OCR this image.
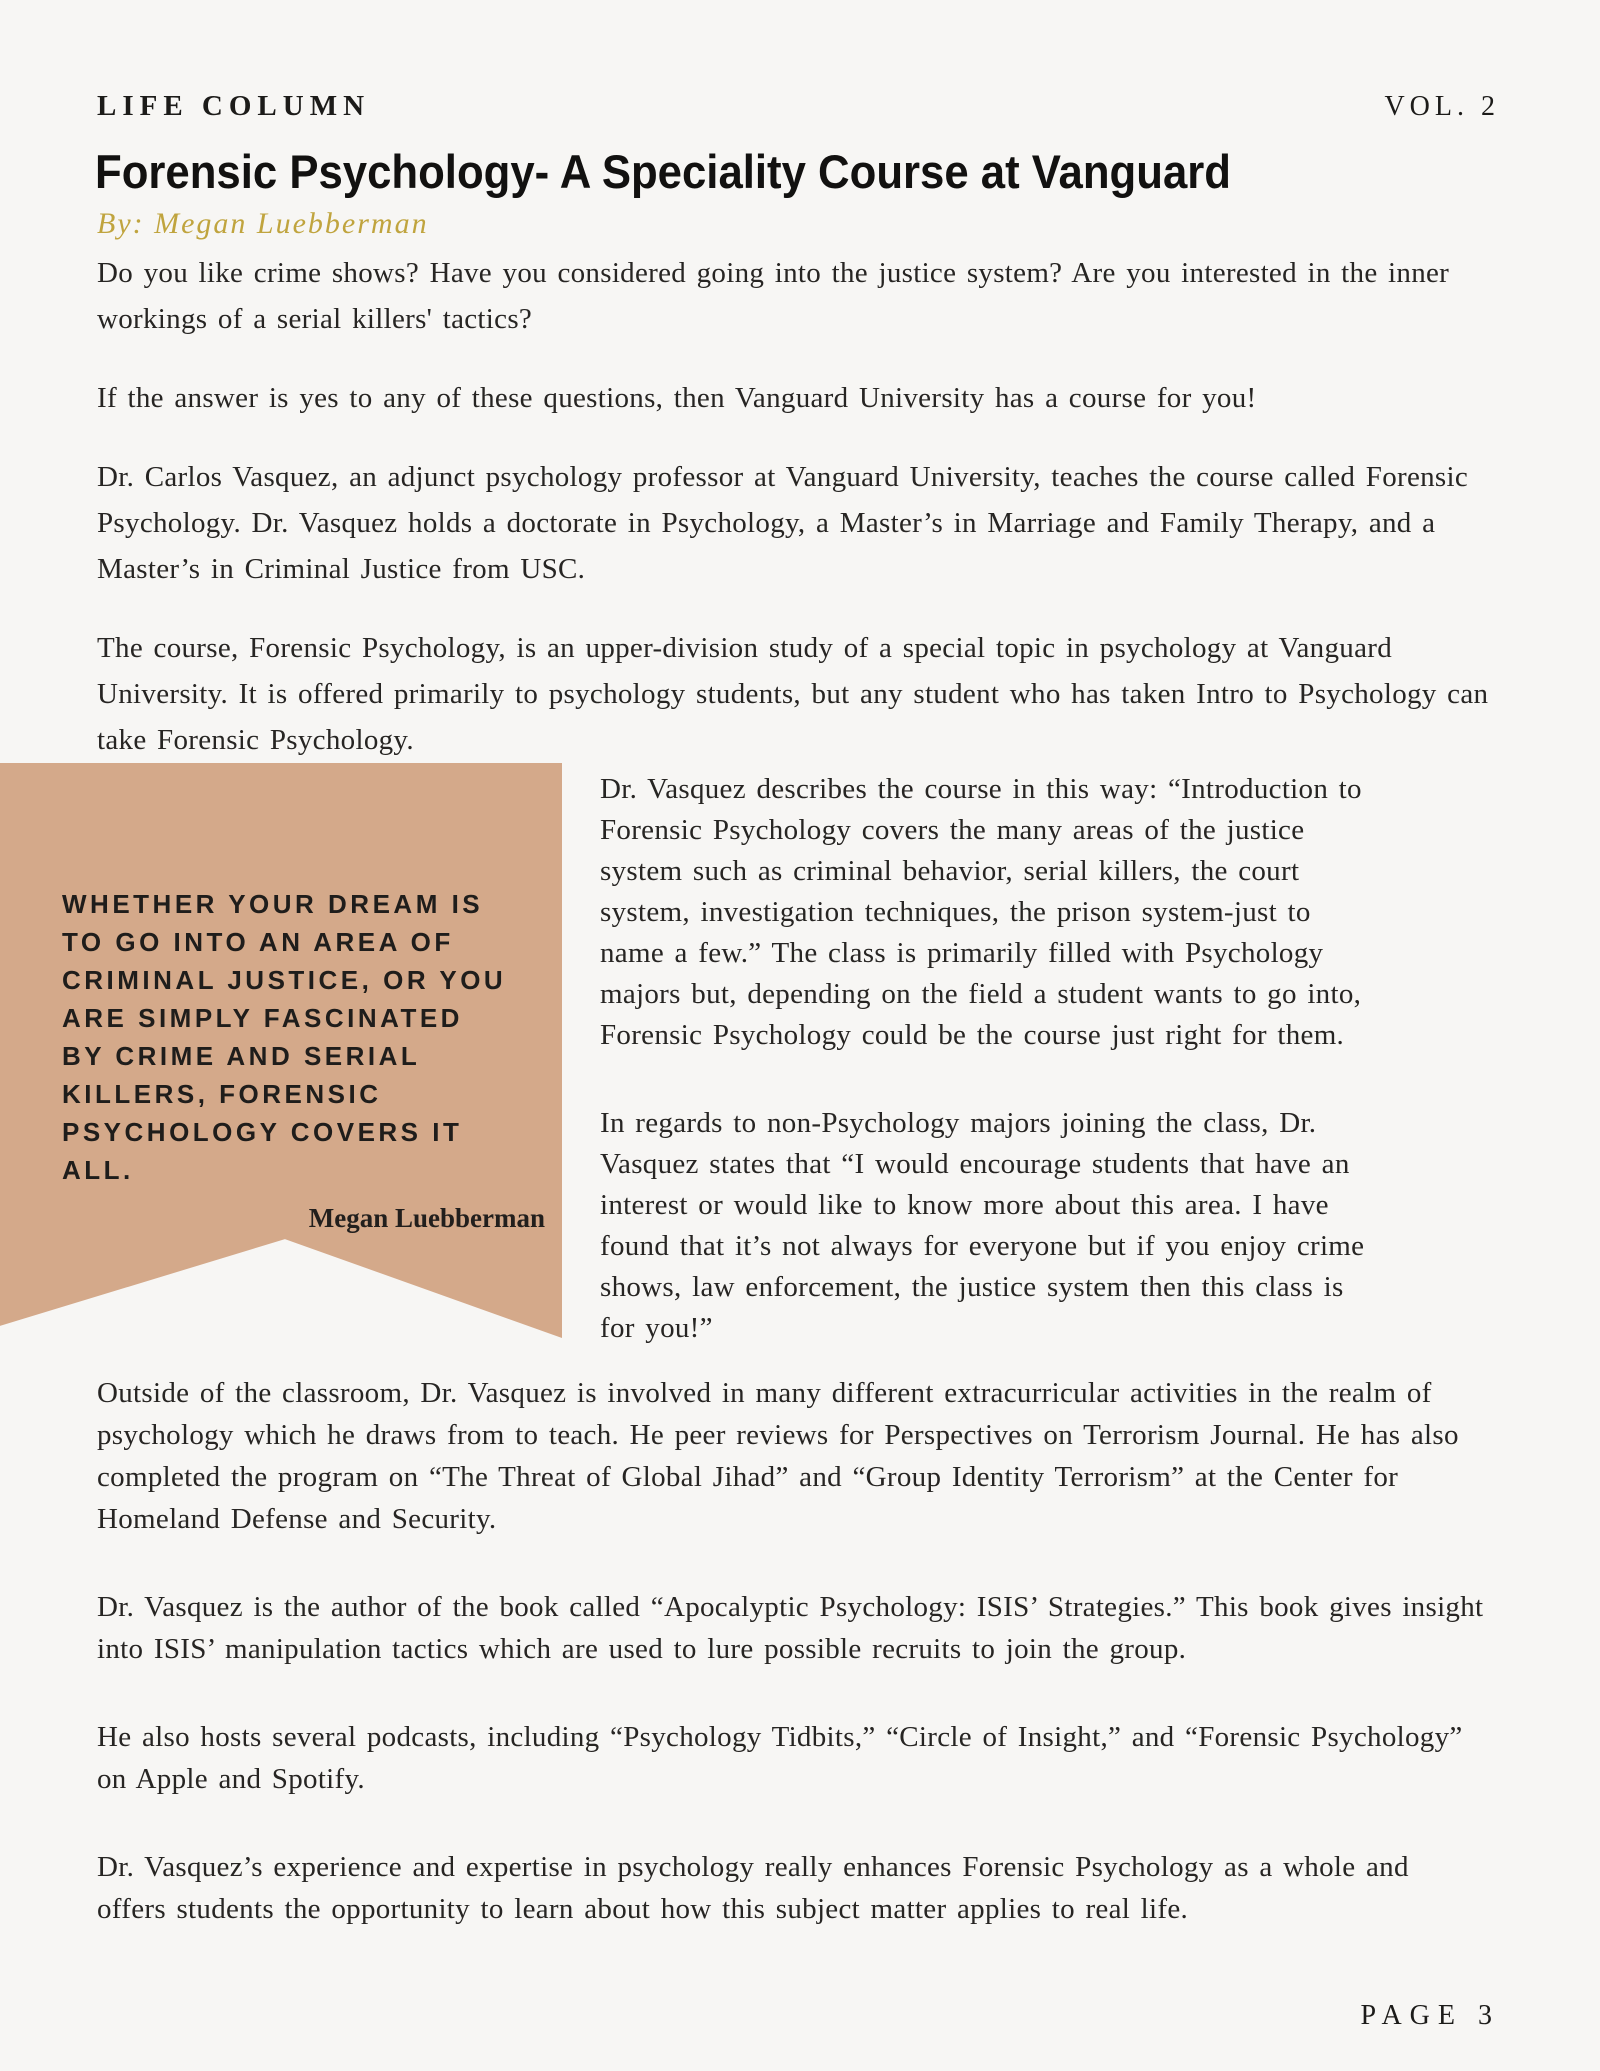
LIFE COLUMN	VOL. 2
Forensic Psychology- A Speciality Course at Vanguard
By: Megan Luebberman

Do you like crime shows? Have you considered going into the justice system? Are you interested in the inner workings of a serial killers' tactics?

If the answer is yes to any of these questions, then Vanguard University has a course for you!

Dr. Carlos Vasquez, an adjunct psychology professor at Vanguard University, teaches the course called Forensic Psychology. Dr. Vasquez holds a doctorate in Psychology, a Master’s in Marriage and Family Therapy, and a Master’s in Criminal Justice from USC.

The course, Forensic Psychology, is an upper-division study of a special topic in psychology at Vanguard University. It is offered primarily to psychology students, but any student who has taken Intro to Psychology can take Forensic Psychology.

WHETHER YOUR DREAM IS
TO GO INTO AN AREA OF
CRIMINAL JUSTICE, OR YOU
ARE SIMPLY FASCINATED
BY CRIME AND SERIAL
KILLERS, FORENSIC
PSYCHOLOGY COVERS IT
ALL.
Megan Luebberman

Dr. Vasquez describes the course in this way: “Introduction to Forensic Psychology covers the many areas of the justice system such as criminal behavior, serial killers, the court system, investigation techniques, the prison system-just to name a few.” The class is primarily filled with Psychology majors but, depending on the field a student wants to go into, Forensic Psychology could be the course just right for them.

In regards to non-Psychology majors joining the class, Dr. Vasquez states that “I would encourage students that have an interest or would like to know more about this area. I have found that it’s not always for everyone but if you enjoy crime shows, law enforcement, the justice system then this class is for you!”

Outside of the classroom, Dr. Vasquez is involved in many different extracurricular activities in the realm of psychology which he draws from to teach. He peer reviews for Perspectives on Terrorism Journal. He has also completed the program on “The Threat of Global Jihad” and “Group Identity Terrorism” at the Center for Homeland Defense and Security.

Dr. Vasquez is the author of the book called “Apocalyptic Psychology: ISIS’ Strategies.” This book gives insight into ISIS’ manipulation tactics which are used to lure possible recruits to join the group.

He also hosts several podcasts, including “Psychology Tidbits,” “Circle of Insight,” and “Forensic Psychology” on Apple and Spotify.

Dr. Vasquez’s experience and expertise in psychology really enhances Forensic Psychology as a whole and offers students the opportunity to learn about how this subject matter applies to real life.

PAGE 3
